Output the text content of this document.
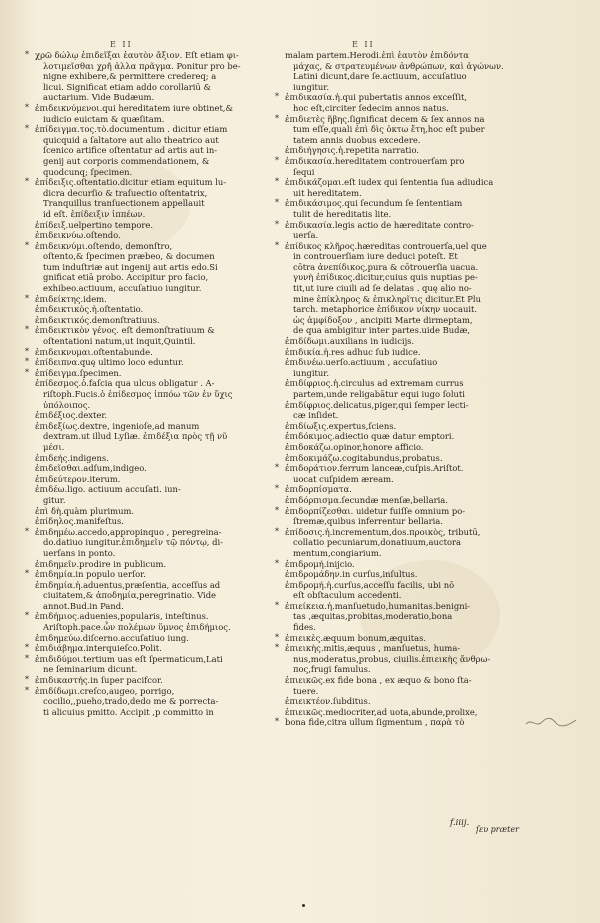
E II	E II
* χρῶ δώλῳ ἐπιδεῖξαι ἑαυτὸν ἄξιον. Eſt etiam φι-
λοτιμεῖσθαι χρῆ ἀλλα πρᾶγμα. Ponitur pro be-
nigne exhibere,& permittere credereq; a
licui. Significat etiam addo corollariū &
auctarium. Vide Budæum.
* ἐπιδεικνύμενοι.qui hereditatem iure obtinet,&
iudicio euictam & quæſitam.
* ἐπίδειγμα.τος.τὸ.documentum . dicitur etiam
quicquid a ſaltatore aut alio theatrico aut
ſcenico artifice oſtentatur ad artis aut in-
genij aut corporis commendationem, &
quodcunq; ſpecimen.
* ἐπίδειξις.oſtentatio.dicitur etiam equitum lu-
dicra decurſio & traſuectio oſtentatrix,
Tranquillus tranſuectionem appellauit
id eſt. ἐπίδειξιν ἱππέων.
ἐπίδειξ.uelpertino tempore.
ἐπιδεικνύω.oſtendo.
* ἐπιδεικνύμι.oſtendo, demonſtro,
oſtento,& ſpecimen præbeo, & documen
tum induſtriæ aut ingenij aut artis edo.Si
gnificat etiā probo. Accipitur pro facio,
exhibeo.actiuum, accuſatiuo iungitur.
* ἐπιδείκτης.idem.
ἐπιδεικτικὸς.ἡ.oſtentatio.
ἐπιδεικτικός.demonſtratiuus.
* ἐπιδεικτικὸν γένος. eſt demonſtratiuum &
oſtentationi natum,ut inquit,Quintil.
* ἐπιδεικνυμαι.oſtentabunde.
* ἐπίδειπνα.quę ultimo loco eduntur.
* ἐπίδειγμα.ſpecimen.
ἐπίδεσμος.ὁ.faſcia qua ulcus obligatur . A-
riſtoph.Fucis.ὁ ἐπίδεσμος ἱππόω τῶν ἐν ὕχις
ὑπόλοιπος.
ἐπιδέξιος.dexter.
ἐπιδεξίως.dextre, ingenioſe,ad manum
dextram.ut illud Lyſiæ. ἐπιδέξια πρὸς τῇ νῦ
μέσι.
ἐπιδεής.indigens.
ἐπιδεῖσθαι.adſum,indigeo.
ἐπιδεύτερον.iterum.
ἐπιδέω.ligo. actiuum accuſati. iun-
gitur.
ἐπὶ δὴ.quàm plurimum.
ἐπίδηλος.manifeſtus.
* ἐπιδημέω.accedo,appropinquo , peregreina-
do.datiuo iungitur.ἐπιδημεῖν τῷ πόντῳ, di-
uerſans in ponto.
ἐπιδημεῖν.prodire in publicum.
* ἐπιδημία.in populo uerſor.
ἐπιδημία.ἡ.aduentus,præſentia, acceſſus ad
ciuitatem,& ἀποδημία,peregrinatio. Vide
annot.Bud.in Pand.
* ἐπιδήμιος.aduenies,popularis, inteſtinus.
Ariſtoph.pace.ὧν πολέμων ὕμνος ἐπιδήμιος.
ἐπιδημεύω.diſcerno.accuſatiuo iung.
* ἐπιδιάβημα.interquieſco.Polit.
* ἐπιδιδύμοι.tertium uas eſt ſpermaticum,Lati
ne ſeminarium dicunt.
* ἐπιδικαστής.in ſuper pacifcor.
* ἐπιδίδωμι.creſco,augeo, porrigo,
cocilio,,pueho,trado,dedo me & porrecta-
ti alicuius pmitto. Accipit ,p committo in
malam partem.Herodi.ἐπὶ ἑαυτὸν ἐπιδόντα
μάχας, & στρατευμένων ἀνθρώπων, καὶ ἀγώνων.
Latini dicunt,dare ſe.actiuum, accuſatiuo
iungitur.
* ἐπιδικασία.ἡ.qui pubertatis annos exceſſit,
hoc eſt,circiter ſedecim annos natus.
* ἐπιδιετὲς ἥβης.ſignificat decem & ſex annos na
tum eſſe,quali ἐπὶ δὶς ὀκτω ἔτη,hoc eſt puber
tatem annis duobus excedere.
ἐπιδιήγησις.ἡ.repetita narratio.
* ἐπιδικασία.hereditatem controuerſam pro
ſequi
* ἐπιδικάζομαι.eſt iudex qui ſententia ſua adiudica
uit hereditatem.
* ἐπιδικάσιμος.qui ſecundum ſe ſententiam
tulit de hereditatis lite.
* ἐπιδικασία.legis actio de hæreditate contro-
uerſa.
* ἐπίδικος κλῆρος.hæreditas controuerſa,uel que
in controuerſiam iure deduci poteſt. Et
cōtra ἀνεπίδικος,pura & cōtrouerſia uacua.
γυνὴ ἐπίδικος.dicitur,cuius quis nuptias pe-
tit,ut iure ciuili ad ſe delatas . quę alio no-
mine ἐπίκληρος & ἐπικληρῖτις dicitur.Et Plu
tarch. metaphorice ἐπίδικον νίκην uocauit.
ὡς ἀμφίδοξον , ancipiti Marte dirmeptam,
de qua ambigitur inter partes.uide Budæ,
ἐπιδίδωμι.auxilians in iudicijs.
ἐπιδικία.ἡ.res adhuc ſub iudice.
ἐπιδινέω.uerſo.actiuum , accuſatiuo
iungitur.
ἐπιδίφριος.ἡ.circulus ad extremam currus
partem,unde religabātur equi iugo ſoluti
ἐπιδίφριος.delicatus,piger,qui ſemper lecti-
cæ inſidet.
ἐπιδίωξις.expertus,ſciens.
ἐπιδόκιμος.adiectio quæ datur emptori.
ἐπιδοκάζω.opinor,honore afficio.
ἐπιδοκιμάζω.cogitabundus,probatus.
* ἐπιδοράτιον.ferrum lanceæ,cuſpis.Ariſtot.
uocat cuſpidem æream.
* ἐπιδορπίσματα.
ἐπιδόρπισμα.ſecundæ menſæ,bellaria.
* ἐπιδορπίζεσθαι. uidetur fuiſſe omnium po-
ſtremæ,quibus inferrentur bellaria.
* ἐπίδοσις.ἡ.incrementum,dos.προικὸς, tributū,
collatio pecuniarum,donatiuum,auctora
mentum,congiarium.
* ἐπιδρομή.inijcio.
ἐπιδρομάδην.in curſus,inſultus.
ἐπιδρομή.ἡ.curſus,acceſſu facilis, ubi nō
eſt obſtaculum accedenti.
* ἐπιείκεια.ἡ.manſuetudo,humanitas.benigni-
tas ,æquitas,probitas,moderatio,bona
fides.
* ἐπιεικὲς.æquum bonum,æquitas.
* ἐπιεικὴς.mitis,æquus , manſuetus, huma-
nus,moderatus,probus, ciuilis.ἐπιεικὴς ἄνθρω-
πος,frugi famulus.
ἐπιεικῶς.ex fide bona , ex æquo & bono ſta-
tuere.
ἐπιεικτέον.ſubditus.
ἐπιεικῶς.mediocriter,ad uota,abunde,prolixe,
* bona fide,citra ullum ſigmentum , παρὰ τὸ
f.iiij.
ſευ præter
